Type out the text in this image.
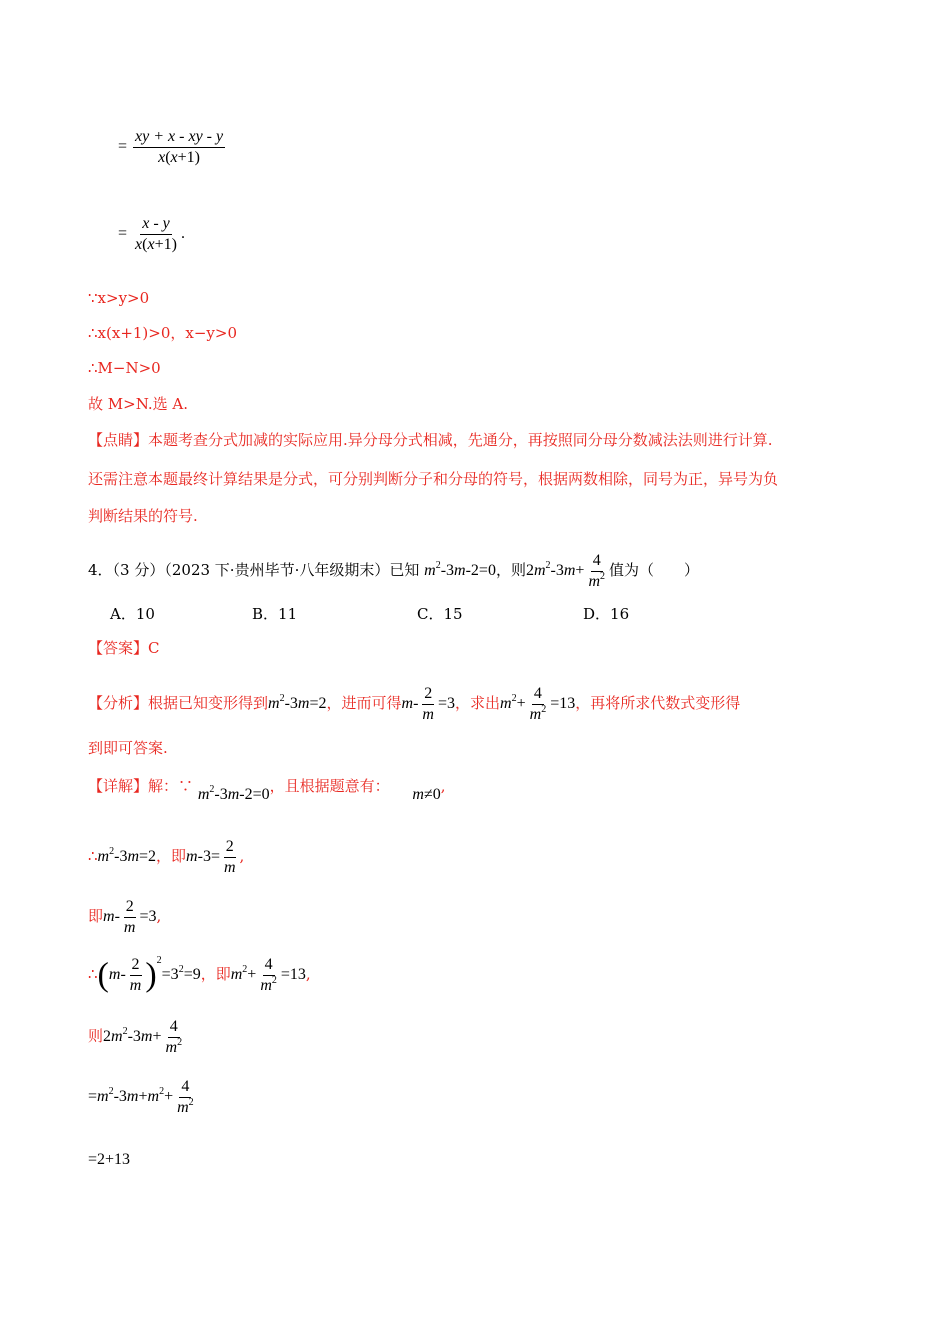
= $\frac{xy + x - xy - y}{x(x+1)}$
= $\frac{x - y}{x(x+1)}$ .
∵x>y>0
∴x(x+1)>0，x−y>0
∴M−N>0
故 M>N.选 A.
【点睛】本题考查分式加减的实际应用.异分母分式相减，先通分，再按照同分母分数减法法则进行计算.
还需注意本题最终计算结果是分式，可分别判断分子和分母的符号，根据两数相除，同号为正，异号为负
判断结果的符号.
4．（3 分）（2023 下·贵州毕节·八年级期末）已知 $m^2-3m-2=0$，则$2m^2-3m+ \frac{4}{m^2}$ 值为（　　）
A．10	B．11	C．15	D．16
【答案】C
【分析】根据已知变形得到$m^2-3m=2$，进而可得$m- \frac{2}{m} =3$，求出$m^2+ \frac{4}{m^2} =13$，再将所求代数式变形得
到即可答案.
【详解】解：∵ $m^2-3m-2=0$，且根据题意有： m≠0,
$\therefore m^2-3m=2$，即$m-3= \frac{2}{m}$ ,
即$m- \frac{2}{m} =3$,
∴(m- $\frac{2}{m} )^2=3^2=9$，即$m^2+ \frac{4}{m^2} =13$,
则$2m^2-3m+ \frac{4}{m^2}$
$=m^2-3m+m^2+ \frac{4}{m^2}$
=2+13
